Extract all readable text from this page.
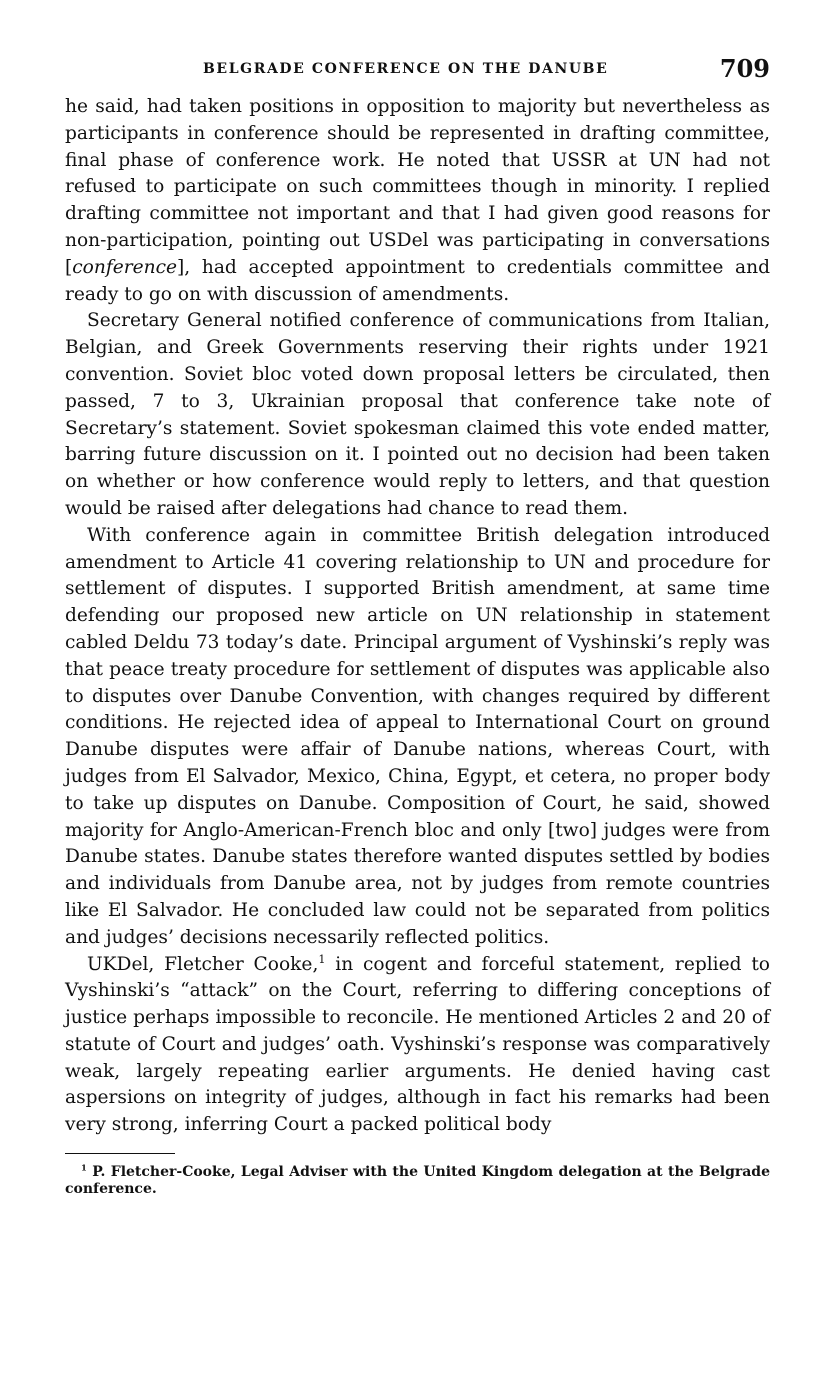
BELGRADE CONFERENCE ON THE DANUBE	709

he said, had taken positions in opposition to majority but nevertheless as participants in conference should be represented in drafting committee, final phase of conference work. He noted that USSR at UN had not refused to participate on such committees though in minority. I replied drafting committee not important and that I had given good reasons for non-participation, pointing out USDel was participating in conversations [conference], had accepted appointment to credentials committee and ready to go on with discussion of amendments.

Secretary General notified conference of communications from Italian, Belgian, and Greek Governments reserving their rights under 1921 convention. Soviet bloc voted down proposal letters be circulated, then passed, 7 to 3, Ukrainian proposal that conference take note of Secretary’s statement. Soviet spokesman claimed this vote ended matter, barring future discussion on it. I pointed out no decision had been taken on whether or how conference would reply to letters, and that question would be raised after delegations had chance to read them.

With conference again in committee British delegation introduced amendment to Article 41 covering relationship to UN and procedure for settlement of disputes. I supported British amendment, at same time defending our proposed new article on UN relationship in statement cabled Deldu 73 today’s date. Principal argument of Vyshinski’s reply was that peace treaty procedure for settlement of disputes was applicable also to disputes over Danube Convention, with changes required by different conditions. He rejected idea of appeal to International Court on ground Danube disputes were affair of Danube nations, whereas Court, with judges from El Salvador, Mexico, China, Egypt, et cetera, no proper body to take up disputes on Danube. Composition of Court, he said, showed majority for Anglo-American-French bloc and only [two] judges were from Danube states. Danube states therefore wanted disputes settled by bodies and individuals from Danube area, not by judges from remote countries like El Salvador. He concluded law could not be separated from politics and judges’ decisions necessarily reflected politics.

UKDel, Fletcher Cooke,$^1$ in cogent and forceful statement, replied to Vyshinski’s “attack” on the Court, referring to differing conceptions of justice perhaps impossible to reconcile. He mentioned Articles 2 and 20 of statute of Court and judges’ oath. Vyshinski’s response was comparatively weak, largely repeating earlier arguments. He denied having cast aspersions on integrity of judges, although in fact his remarks had been very strong, inferring Court a packed political body

$^1$ P. Fletcher-Cooke, Legal Adviser with the United Kingdom delegation at the Belgrade conference.
